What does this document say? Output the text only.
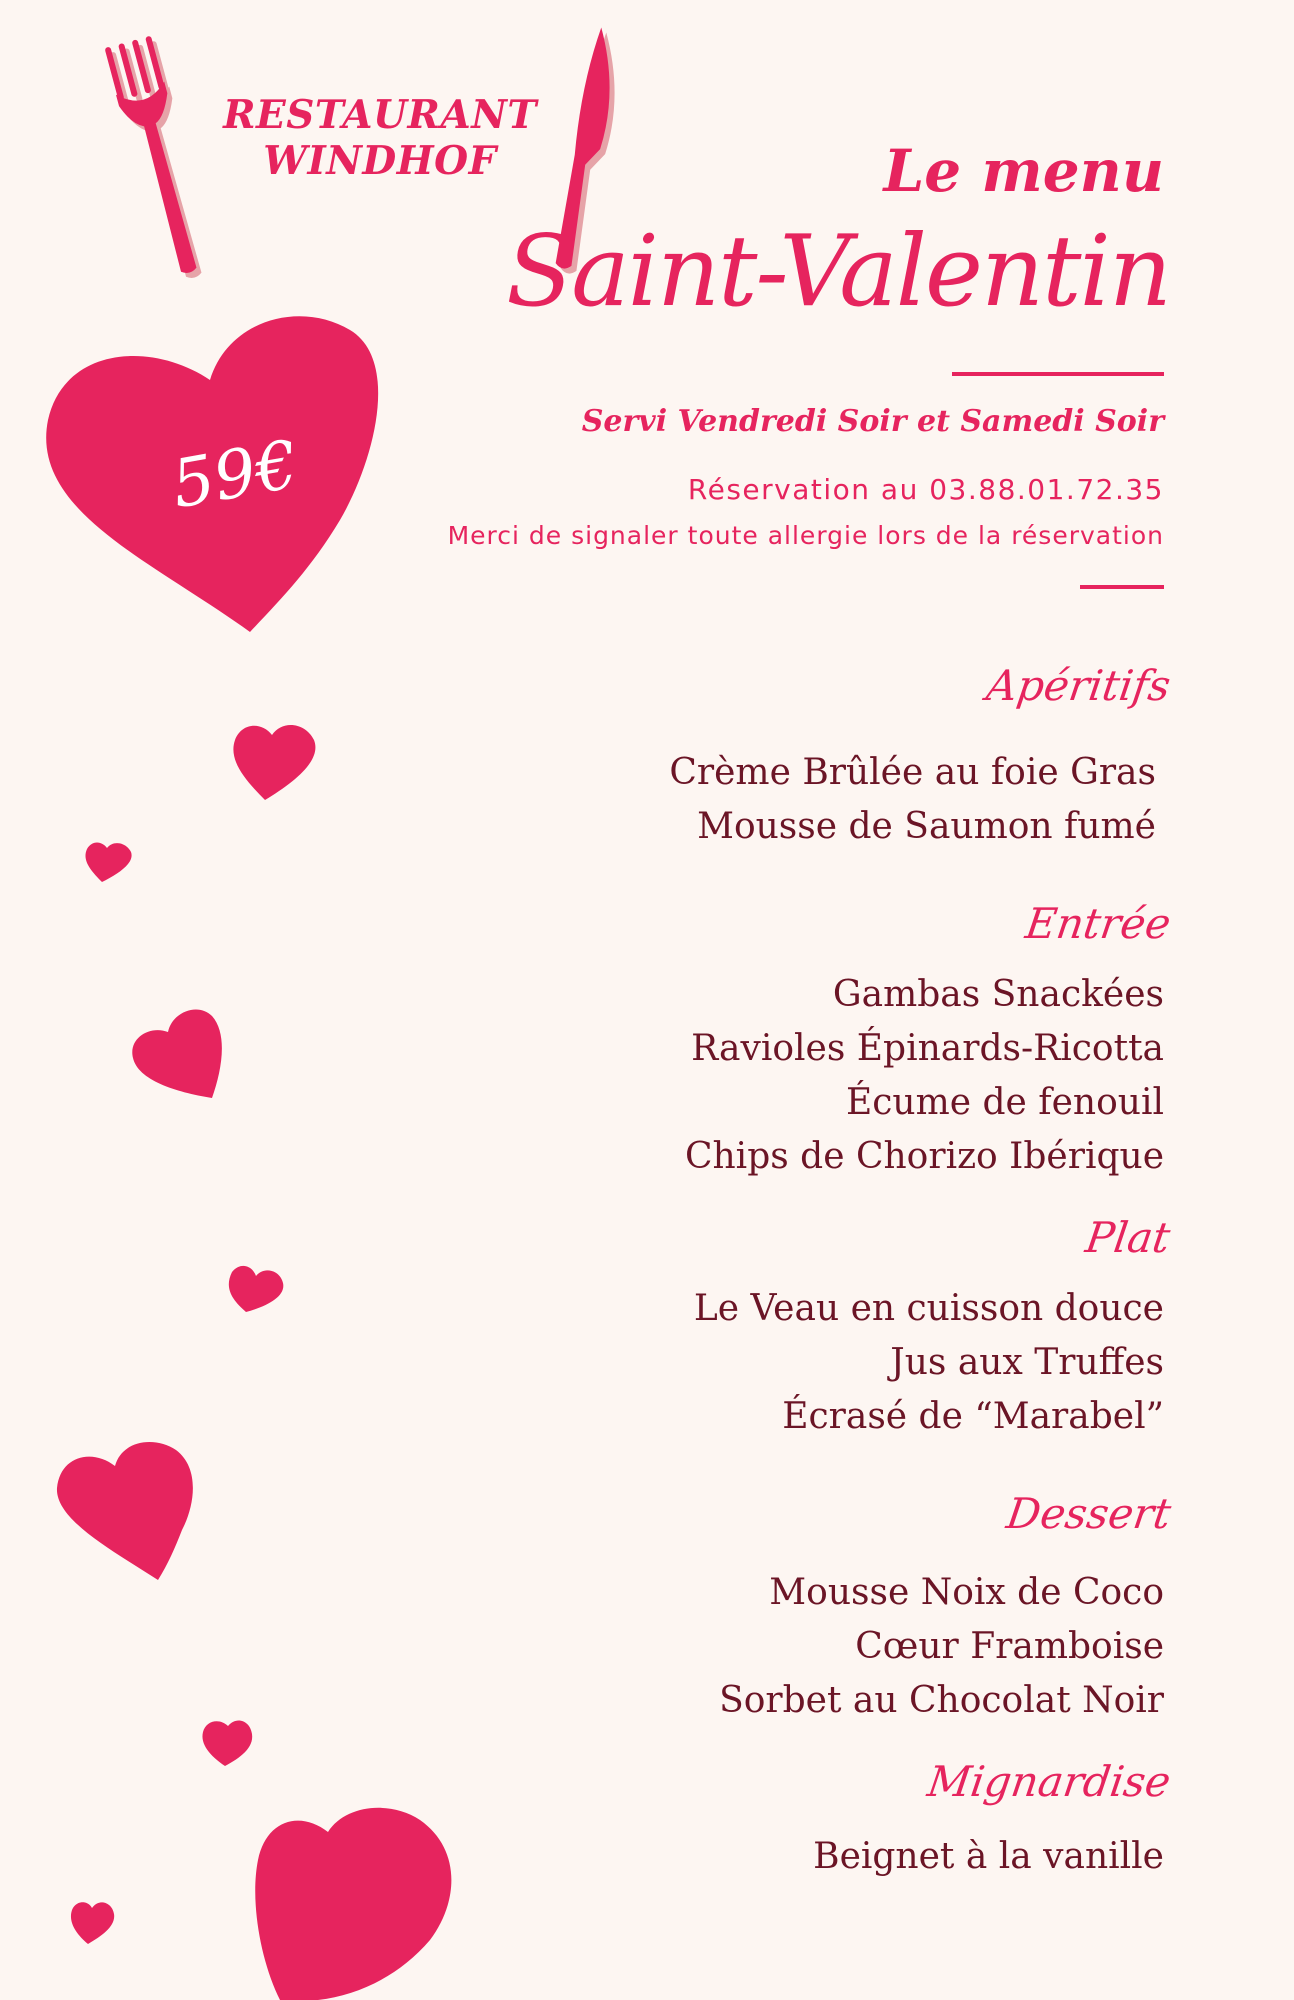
RESTAURANT
WINDHOF
59€
Le menu
Saint-Valentin
Servi Vendredi Soir et Samedi Soir
Réservation au 03.88.01.72.35
Merci de signaler toute allergie lors de la réservation
Apéritifs
Crème Brûlée au foie Gras
Mousse de Saumon fumé
Entrée
Gambas Snackées
Ravioles Épinards-Ricotta
Écume de fenouil
Chips de Chorizo Ibérique
Plat
Le Veau en cuisson douce
Jus aux Truffes
Écrasé de “Marabel”
Dessert
Mousse Noix de Coco
Cœur Framboise
Sorbet au Chocolat Noir
Mignardise
Beignet à la vanille
